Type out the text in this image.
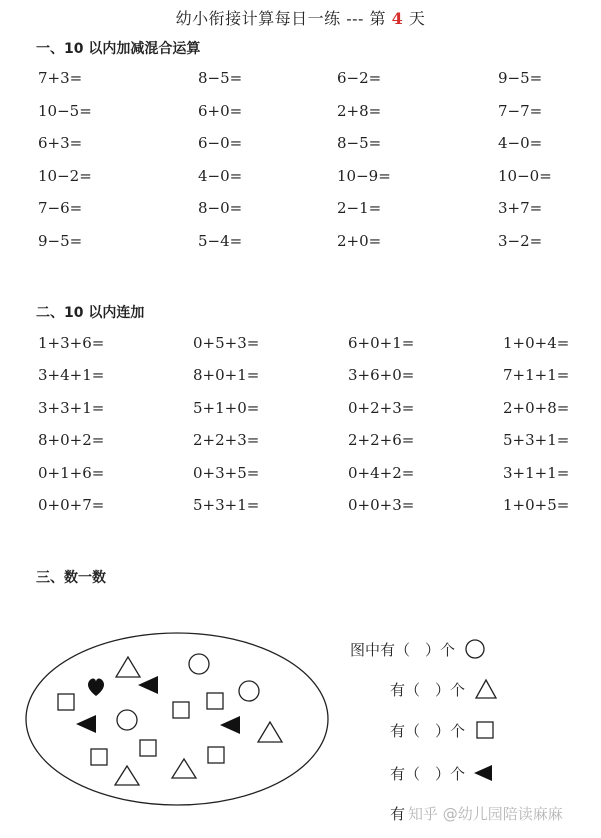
幼小衔接计算每日一练 --- 第 4 天
一、10 以内加减混合运算
二、10 以内连加
三、数一数
7+3=	8−5=	6−2=	9−5=
10−5=	6+0=	2+8=	7−7=
6+3=	6−0=	8−5=	4−0=
10−2=	4−0=	10−9=	10−0=
7−6=	8−0=	2−1=	3+7=
9−5=	5−4=	2+0=	3−2=
1+3+6=	0+5+3=	6+0+1=	1+0+4=
3+4+1=	8+0+1=	3+6+0=	7+1+1=
3+3+1=	5+1+0=	0+2+3=	2+0+8=
8+0+2=	2+2+3=	2+2+6=	5+3+1=
0+1+6=	0+3+5=	0+4+2=	3+1+1=
0+0+7=	5+3+1=	0+0+3=	1+0+5=
图中有（　）个
有（　）个
有（　）个
有（　）个
有 知乎 @幼儿园陪读麻麻
